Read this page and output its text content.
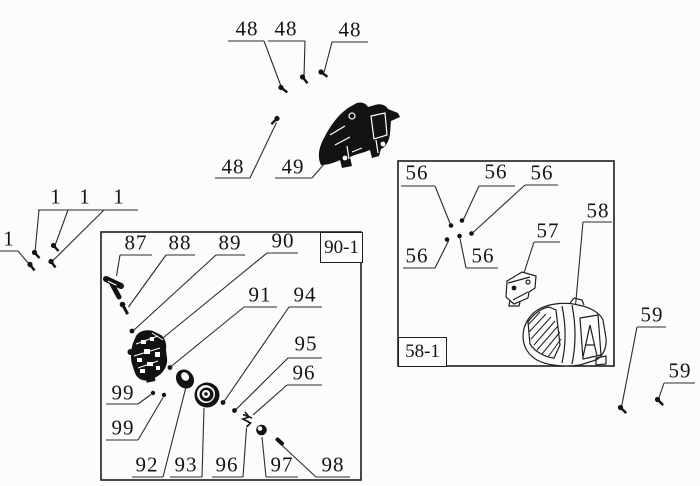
90-1
58-1
48 48 48
48 49
1 1 1
1
59
59
87 88 89 90
91 94
95
96
99
99
92 93 96 97 98
56	56 56
56 56
57
58
